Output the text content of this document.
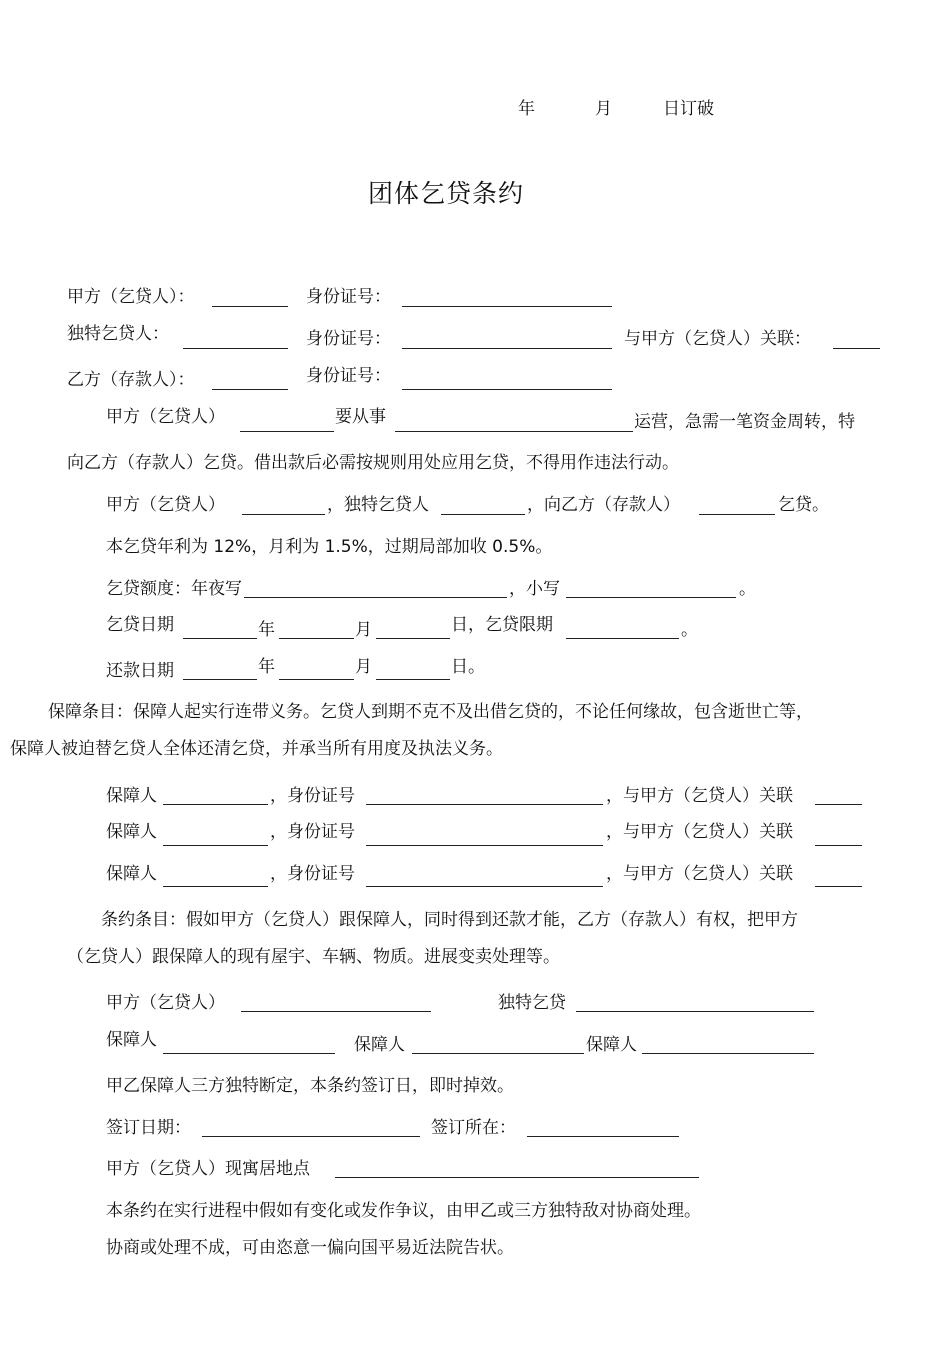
年	月	日订破
团体乞贷条约
甲方（乞贷人）：	身份证号：
独特乞贷人：	身份证号：	与甲方（乞贷人）关联：
乙方（存款人）：	身份证号：
甲方（乞贷人）	要从事	运营，急需一笔资金周转，特
向乙方（存款人）乞贷。借出款后必需按规则用处应用乞贷，不得用作违法行动。
甲方（乞贷人）	，独特乞贷人	，向乙方（存款人）	乞贷。
本乞贷年利为 12%，月利为 1.5%，过期局部加收 0.5%。
乞贷额度：年夜写	，小写	。
乞贷日期	年	月	日，乞贷限期	。
还款日期	年	月	日。
保障条目：保障人起实行连带义务。乞贷人到期不克不及出借乞贷的，不论任何缘故，包含逝世亡等，
保障人被迫替乞贷人全体还清乞贷，并承当所有用度及执法义务。
保障人	，身份证号	，与甲方（乞贷人）关联
保障人	，身份证号	，与甲方（乞贷人）关联
保障人	，身份证号	，与甲方（乞贷人）关联
条约条目：假如甲方（乞贷人）跟保障人，同时得到还款才能，乙方（存款人）有权，把甲方
（乞贷人）跟保障人的现有屋宇、车辆、物质。进展变卖处理等。
甲方（乞贷人）	独特乞贷
保障人	保障人	保障人
甲乙保障人三方独特断定，本条约签订日，即时掉效。
签订日期：	签订所在：
甲方（乞贷人）现寓居地点
本条约在实行进程中假如有变化或发作争议，由甲乙或三方独特敌对协商处理。
协商或处理不成，可由恣意一偏向国平易近法院告状。
